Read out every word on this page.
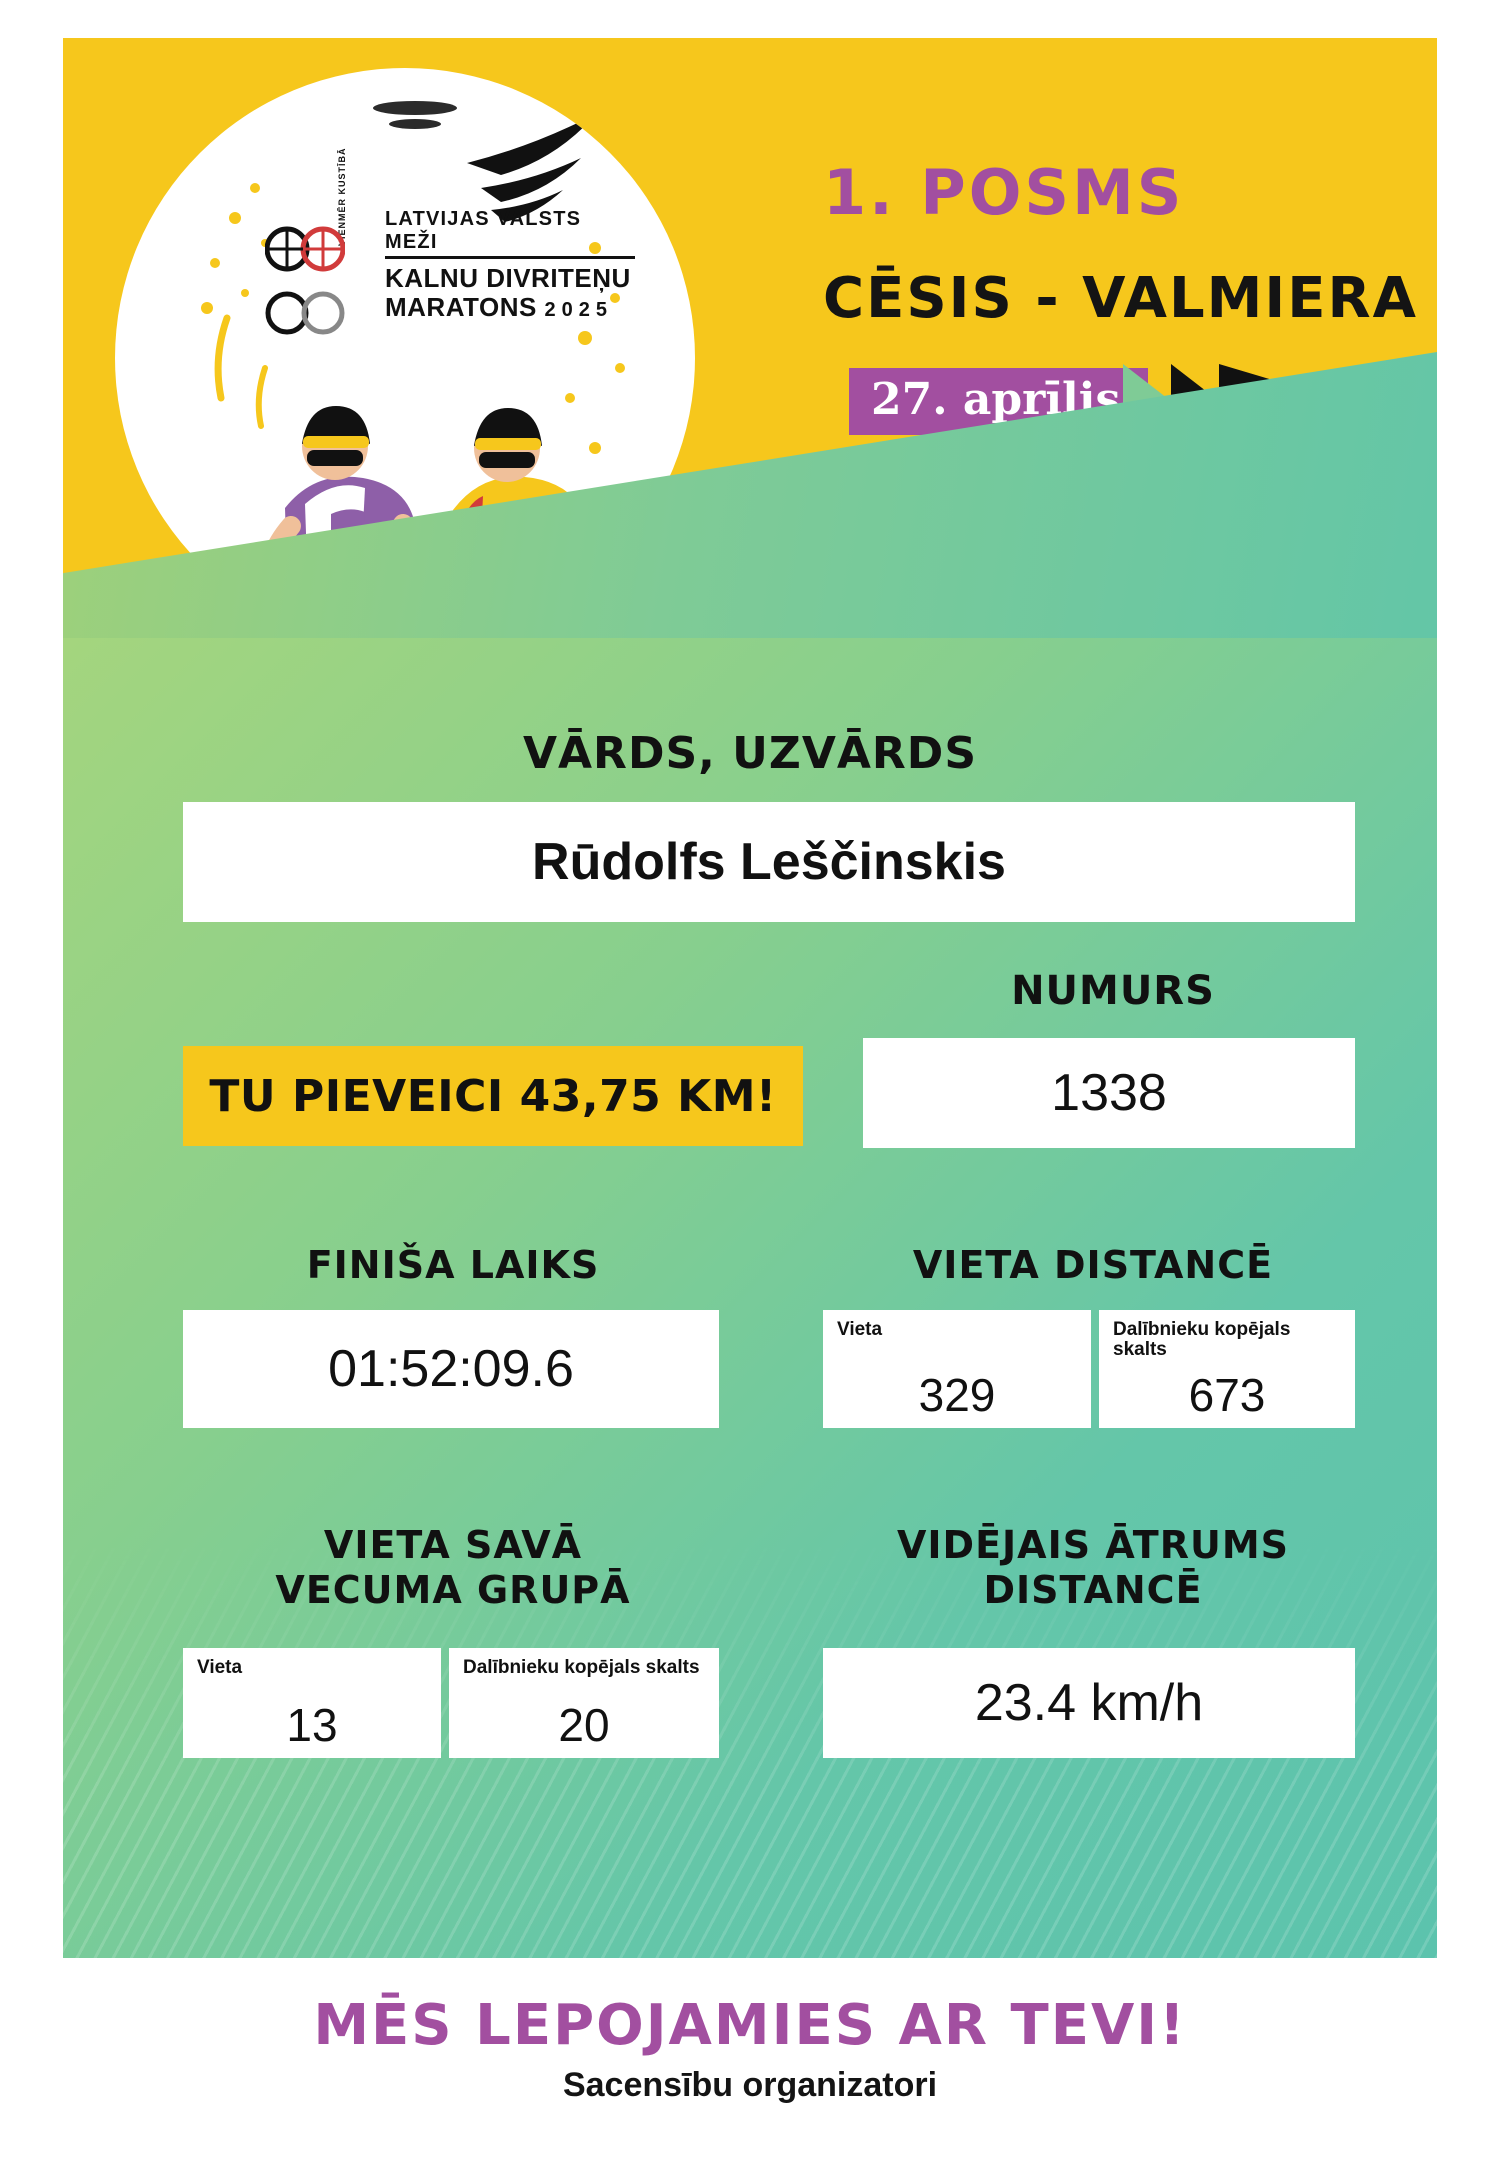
VIENMĒR KUSTĪBĀ LATVIJAS VALSTS MEŽI
KALNU DIVRITEŅU
MARATONS 2025
1. POSMS
CĒSIS - VALMIERA
27. aprīlis
VĀRDS, UZVĀRDS
Rūdolfs Leščinskis
NUMURS
1338
TU PIEVEICI 43,75 KM!
FINIŠA LAIKS
01:52:09.6
VIETA DISTANCĒ
Vieta
329
Dalībnieku kopējals skalts
673
VIETA SAVĀ
VECUMA GRUPĀ
Vieta
13
Dalībnieku kopējals skalts
20
VIDĒJAIS ĀTRUMS
DISTANCĒ
23.4 km/h
MĒS LEPOJAMIES AR TEVI!
Sacensību organizatori
